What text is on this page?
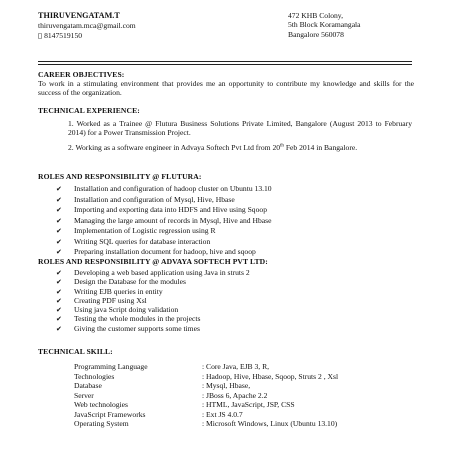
THIRUVENGATAM.T
thiruvengatam.mca@gmail.com
▯ 8147519150
472 KHB Colony,
5th Block Koramangala
Bangalore 560078
CAREER OBJECTIVES:
To work in a stimulating environment that provides me an opportunity to contribute my knowledge and skills for the success of the organization.
TECHNICAL EXPERIENCE:
1. Worked as a Trainee @ Flutura Business Solutions Private Limited, Bangalore (August 2013 to February 2014) for a Power Transmission Project.
2. Working as a software engineer in Advaya Softech Pvt Ltd from 20th Feb 2014 in Bangalore.
ROLES AND RESPONSIBILITY @ FLUTURA:
✔	Installation and configuration of hadoop cluster on Ubuntu 13.10
✔	Installation and configuration of Mysql, Hive, Hbase
✔	Importing and exporting data into HDFS and Hive using Sqoop
✔	Managing the large amount of records in Mysql, Hive and Hbase
✔	Implementation of Logistic regression using R
✔	Writing SQL queries for database interaction
✔	Preparing installation document for hadoop, hive and sqoop
ROLES AND RESPONSIBILITY @ ADVAYA SOFTECH PVT LTD:
✔	Developing a web based application using Java in struts 2
✔	Design the Database for the modules
✔	Writing EJB queries in entity
✔	Creating PDF using Xsl
✔	Using java Script doing validation
✔	Testing the whole modules in the projects
✔	Giving the customer supports some times
TECHNICAL SKILL:
Programming Language	: Core Java, EJB 3, R,
Technologies	: Hadoop, Hive, Hbase, Sqoop, Struts 2 , Xsl
Database	: Mysql, Hbase,
Server	: JBoss 6, Apache 2.2
Web technologies	: HTML, JavaScript, JSP, CSS
JavaScript Frameworks	: Ext JS 4.0.7
Operating System	: Microsoft Windows, Linux (Ubuntu 13.10)
